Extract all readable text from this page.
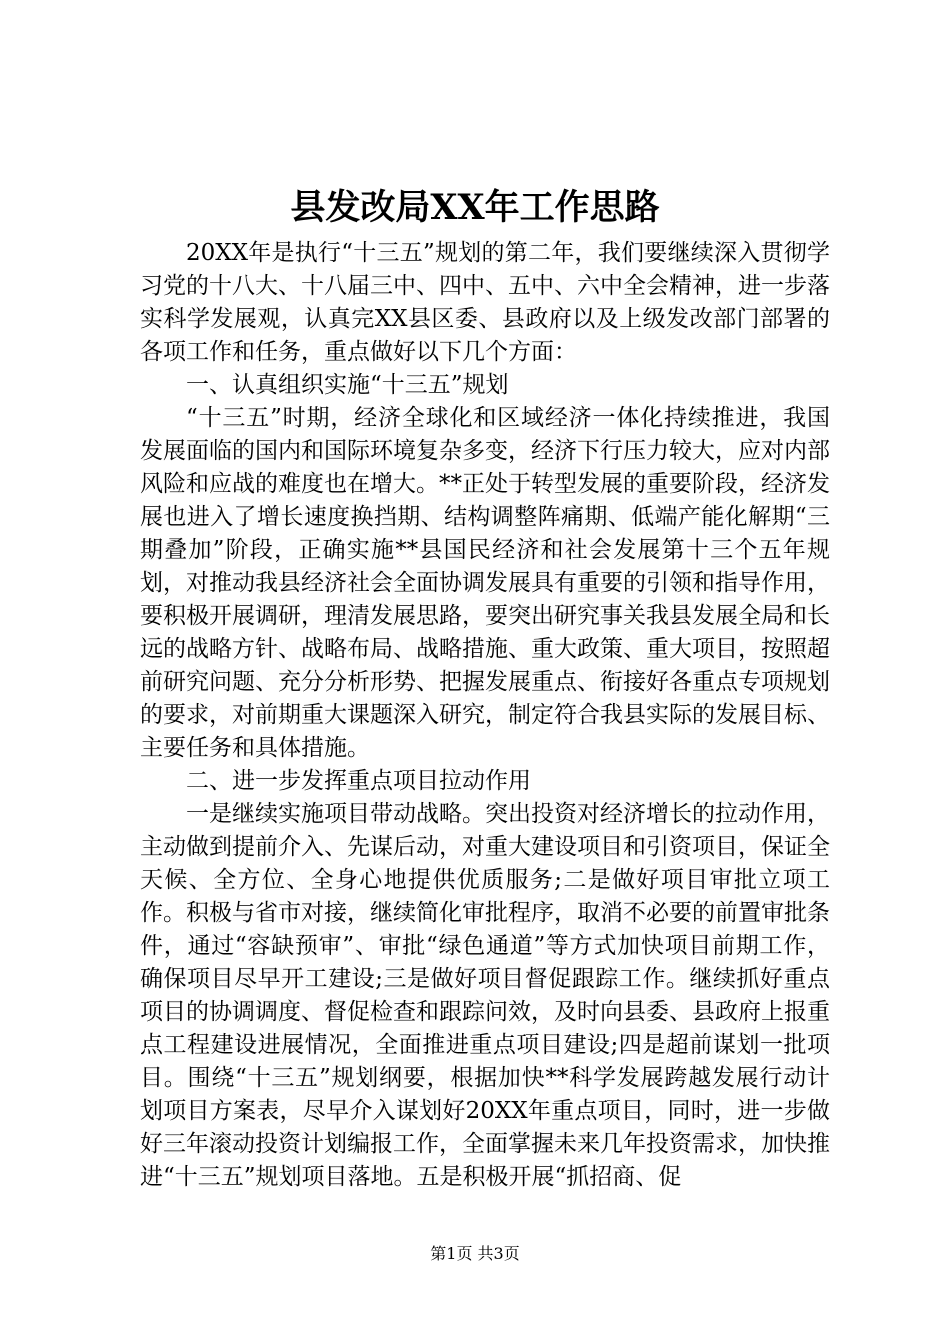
县发改局XX年工作思路

20XX年是执行“十三五”规划的第二年，我们要继续深入贯彻学习党的十八大、十八届三中、四中、五中、六中全会精神，进一步落实科学发展观，认真完XX县区委、县政府以及上级发改部门部署的各项工作和任务，重点做好以下几个方面：

一、认真组织实施“十三五”规划

“十三五”时期，经济全球化和区域经济一体化持续推进，我国发展面临的国内和国际环境复杂多变，经济下行压力较大，应对内部风险和应战的难度也在增大。**正处于转型发展的重要阶段，经济发展也进入了增长速度换挡期、结构调整阵痛期、低端产能化解期“三期叠加”阶段，正确实施**县国民经济和社会发展第十三个五年规划，对推动我县经济社会全面协调发展具有重要的引领和指导作用，要积极开展调研，理清发展思路，要突出研究事关我县发展全局和长远的战略方针、战略布局、战略措施、重大政策、重大项目，按照超前研究问题、充分分析形势、把握发展重点、衔接好各重点专项规划的要求，对前期重大课题深入研究，制定符合我县实际的发展目标、主要任务和具体措施。

二、进一步发挥重点项目拉动作用

一是继续实施项目带动战略。突出投资对经济增长的拉动作用，主动做到提前介入、先谋后动，对重大建设项目和引资项目，保证全天候、全方位、全身心地提供优质服务;二是做好项目审批立项工作。积极与省市对接，继续简化审批程序，取消不必要的前置审批条件，通过“容缺预审”、审批“绿色通道”等方式加快项目前期工作，确保项目尽早开工建设;三是做好项目督促跟踪工作。继续抓好重点项目的协调调度、督促检查和跟踪问效，及时向县委、县政府上报重点工程建设进展情况，全面推进重点项目建设;四是超前谋划一批项目。围绕“十三五”规划纲要，根据加快**科学发展跨越发展行动计划项目方案表，尽早介入谋划好20XX年重点项目，同时，进一步做好三年滚动投资计划编报工作，全面掌握未来几年投资需求，加快推进“十三五”规划项目落地。五是积极开展“抓招商、促

第1页 共3页
